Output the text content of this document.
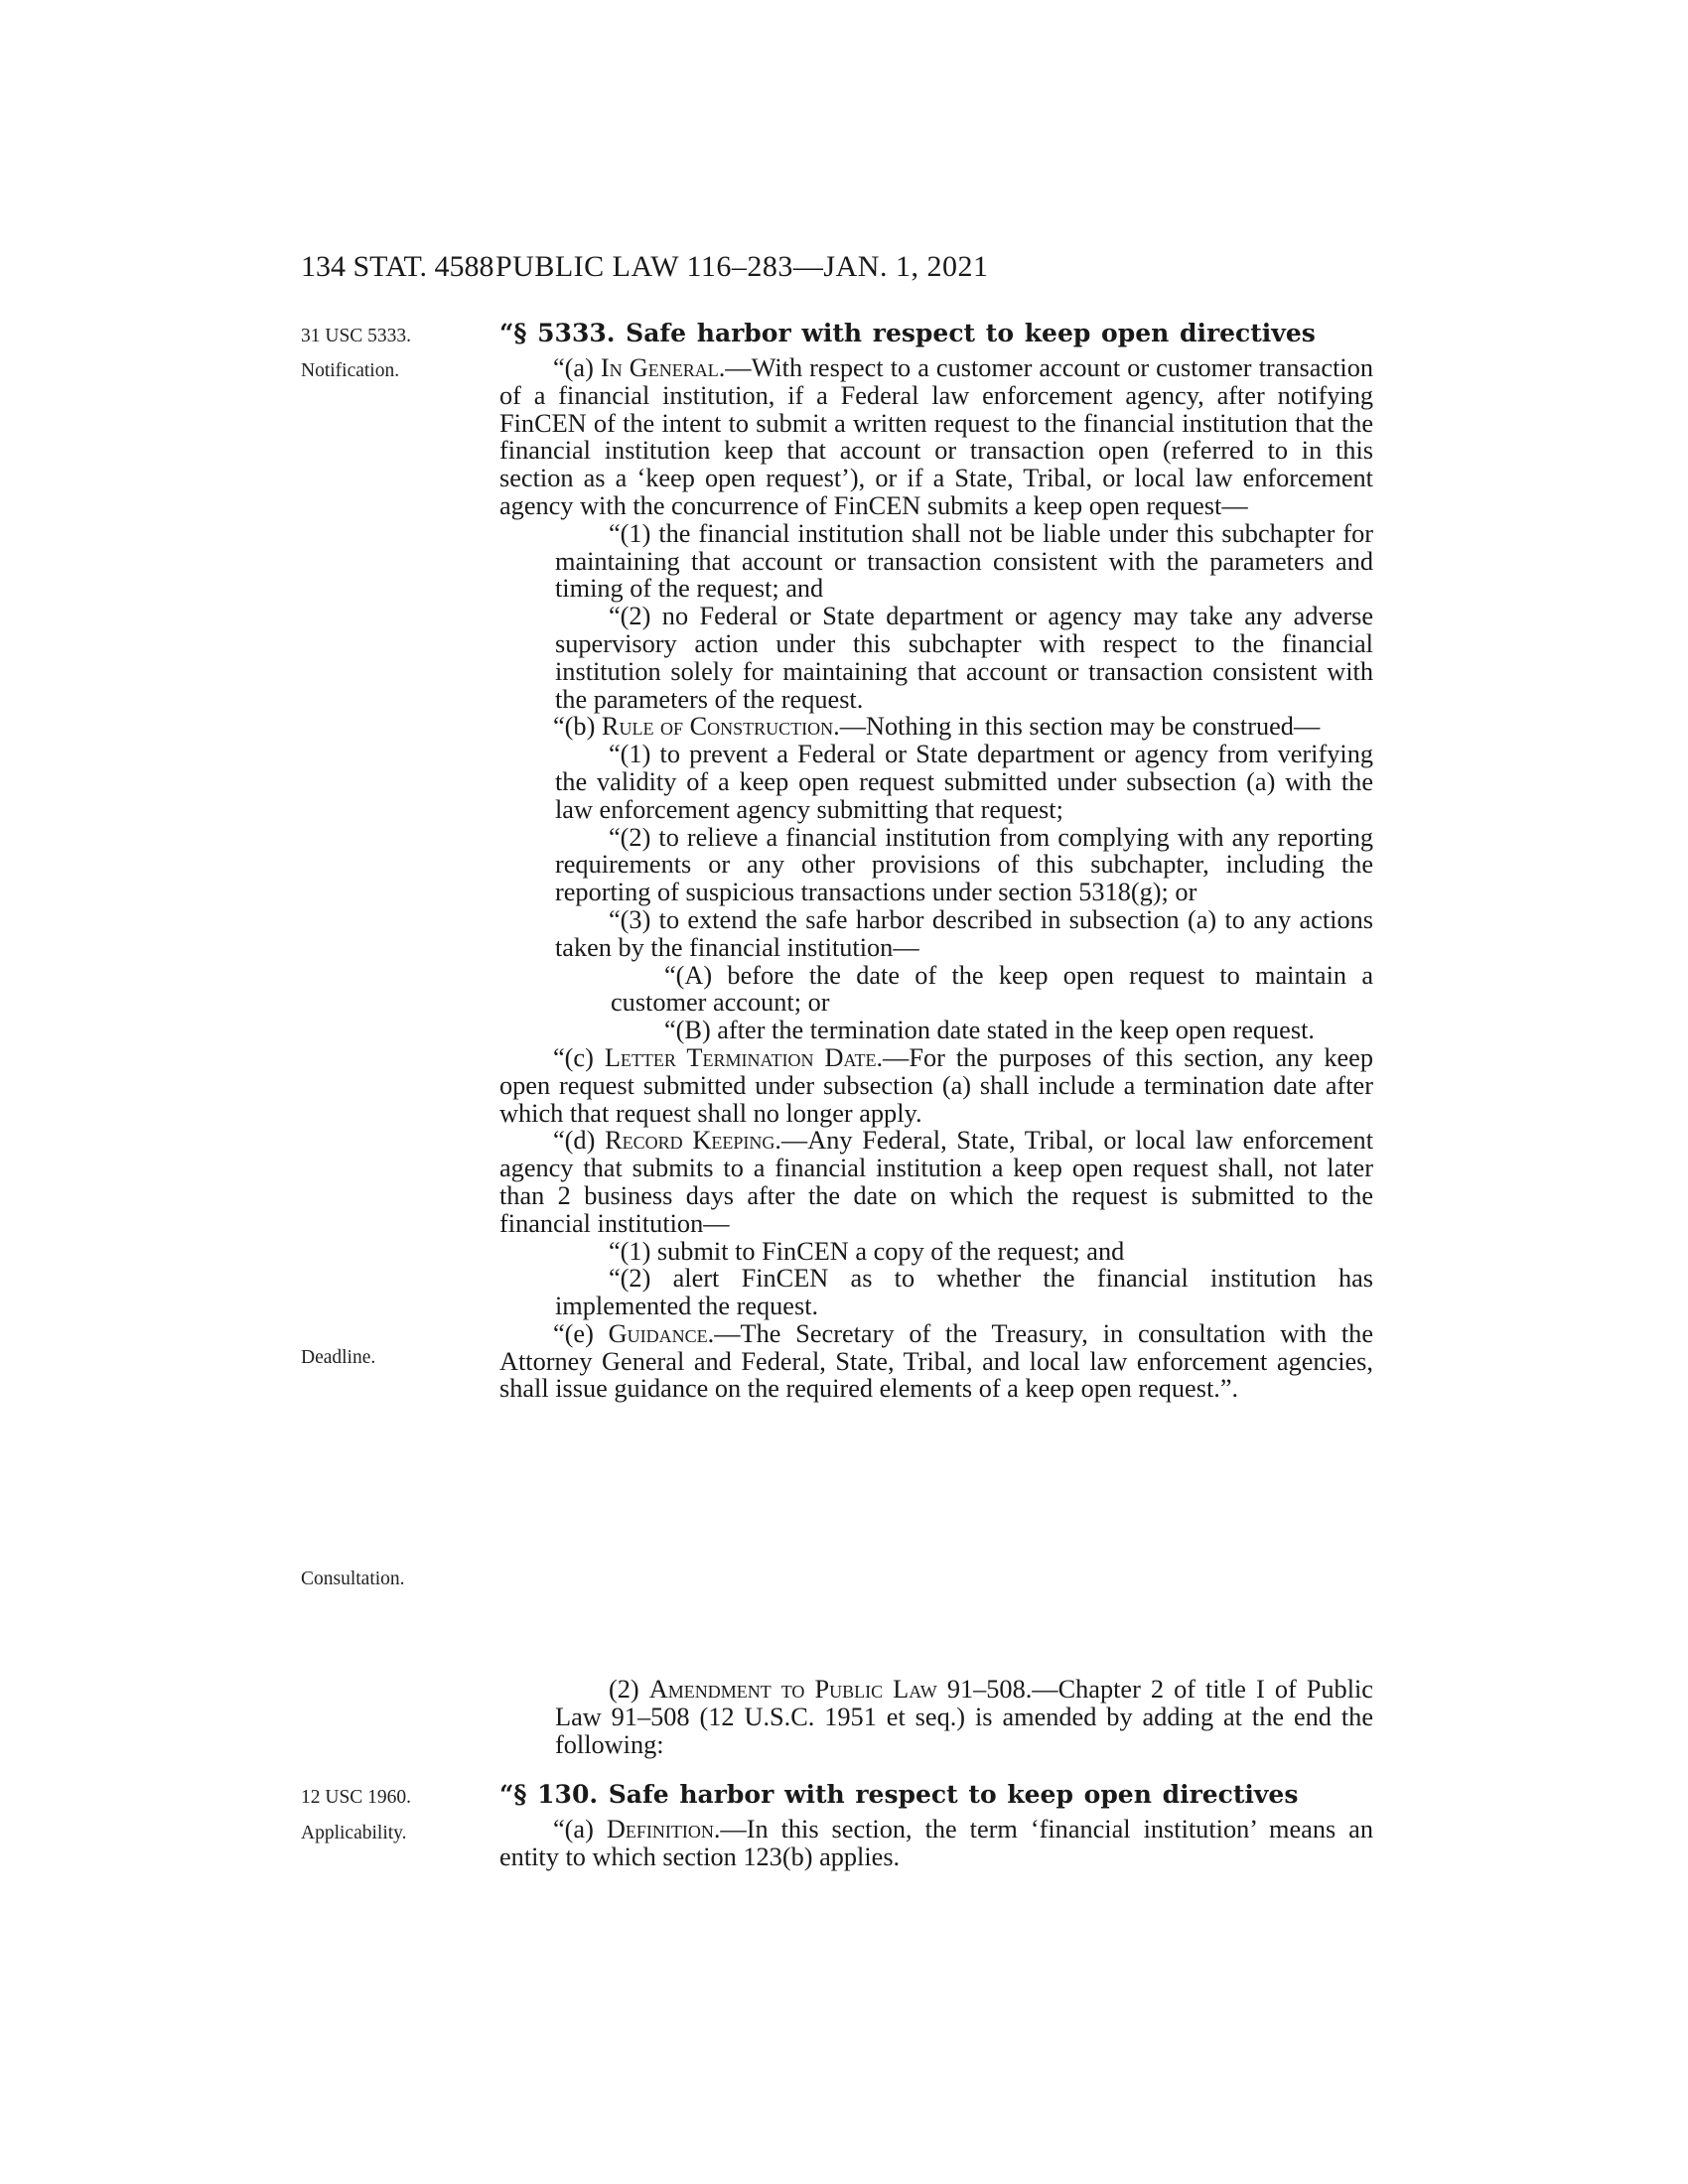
134 STAT. 4588 PUBLIC LAW 116–283—JAN. 1, 2021
31 USC 5333.
Notification.
Deadline.
Consultation.
12 USC 1960.
Applicability.
“§ 5333. Safe harbor with respect to keep open directives

“(a) In General.—With respect to a customer account or customer transaction of a financial institution, if a Federal law enforcement agency, after notifying FinCEN of the intent to submit a written request to the financial institution that the financial institution keep that account or transaction open (referred to in this section as a ‘keep open request’), or if a State, Tribal, or local law enforcement agency with the concurrence of FinCEN submits a keep open request—

“(1) the financial institution shall not be liable under this subchapter for maintaining that account or transaction consistent with the parameters and timing of the request; and

“(2) no Federal or State department or agency may take any adverse supervisory action under this subchapter with respect to the financial institution solely for maintaining that account or transaction consistent with the parameters of the request.

“(b) Rule of Construction.—Nothing in this section may be construed—

“(1) to prevent a Federal or State department or agency from verifying the validity of a keep open request submitted under subsection (a) with the law enforcement agency submitting that request;

“(2) to relieve a financial institution from complying with any reporting requirements or any other provisions of this subchapter, including the reporting of suspicious transactions under section 5318(g); or

“(3) to extend the safe harbor described in subsection (a) to any actions taken by the financial institution—

“(A) before the date of the keep open request to maintain a customer account; or

“(B) after the termination date stated in the keep open request.

“(c) Letter Termination Date.—For the purposes of this section, any keep open request submitted under subsection (a) shall include a termination date after which that request shall no longer apply.

“(d) Record Keeping.—Any Federal, State, Tribal, or local law enforcement agency that submits to a financial institution a keep open request shall, not later than 2 business days after the date on which the request is submitted to the financial institution—

“(1) submit to FinCEN a copy of the request; and

“(2) alert FinCEN as to whether the financial institution has implemented the request.

“(e) Guidance.—The Secretary of the Treasury, in consultation with the Attorney General and Federal, State, Tribal, and local law enforcement agencies, shall issue guidance on the required elements of a keep open request.”.

(2) Amendment to Public Law 91–508.—Chapter 2 of title I of Public Law 91–508 (12 U.S.C. 1951 et seq.) is amended by adding at the end the following:

“§ 130. Safe harbor with respect to keep open directives

“(a) Definition.—In this section, the term ‘financial institution’ means an entity to which section 123(b) applies.
